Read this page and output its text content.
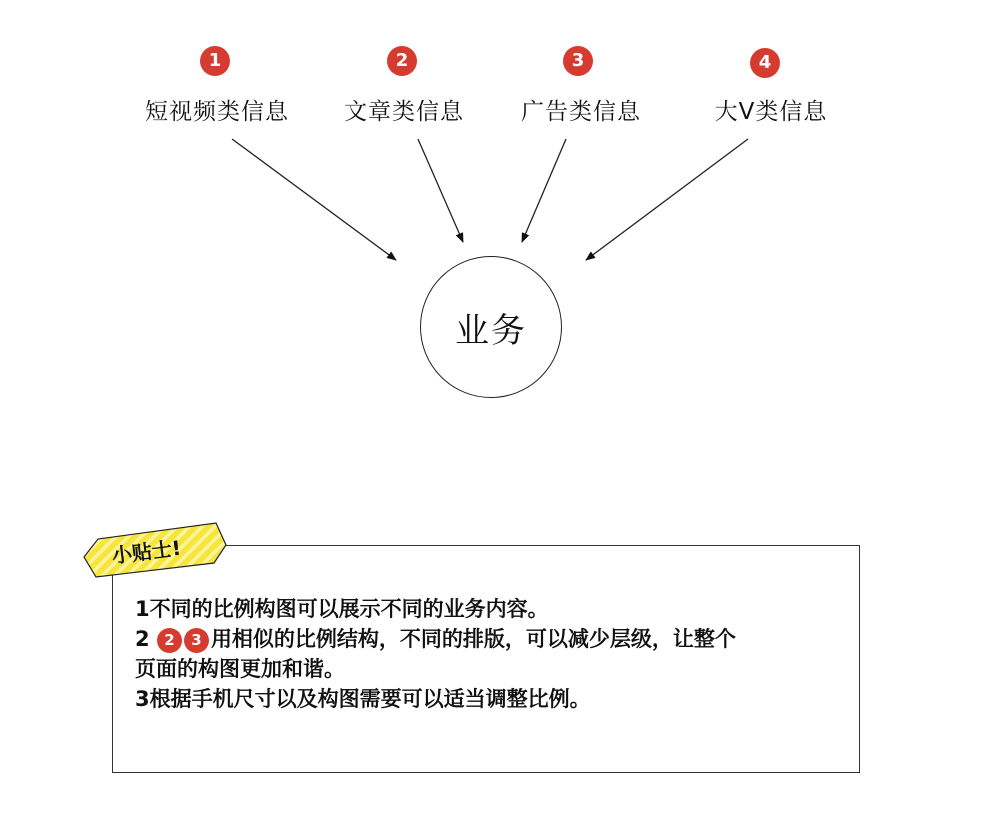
1	2	3	4
短视频类信息 文章类信息 广告类信息	大V类信息
业务
小贴士!
1不同的比例构图可以展示不同的业务内容。
2 2 3 用相似的比例结构，不同的排版，可以减少层级，让整个
页面的构图更加和谐。
3根据手机尺寸以及构图需要可以适当调整比例。
